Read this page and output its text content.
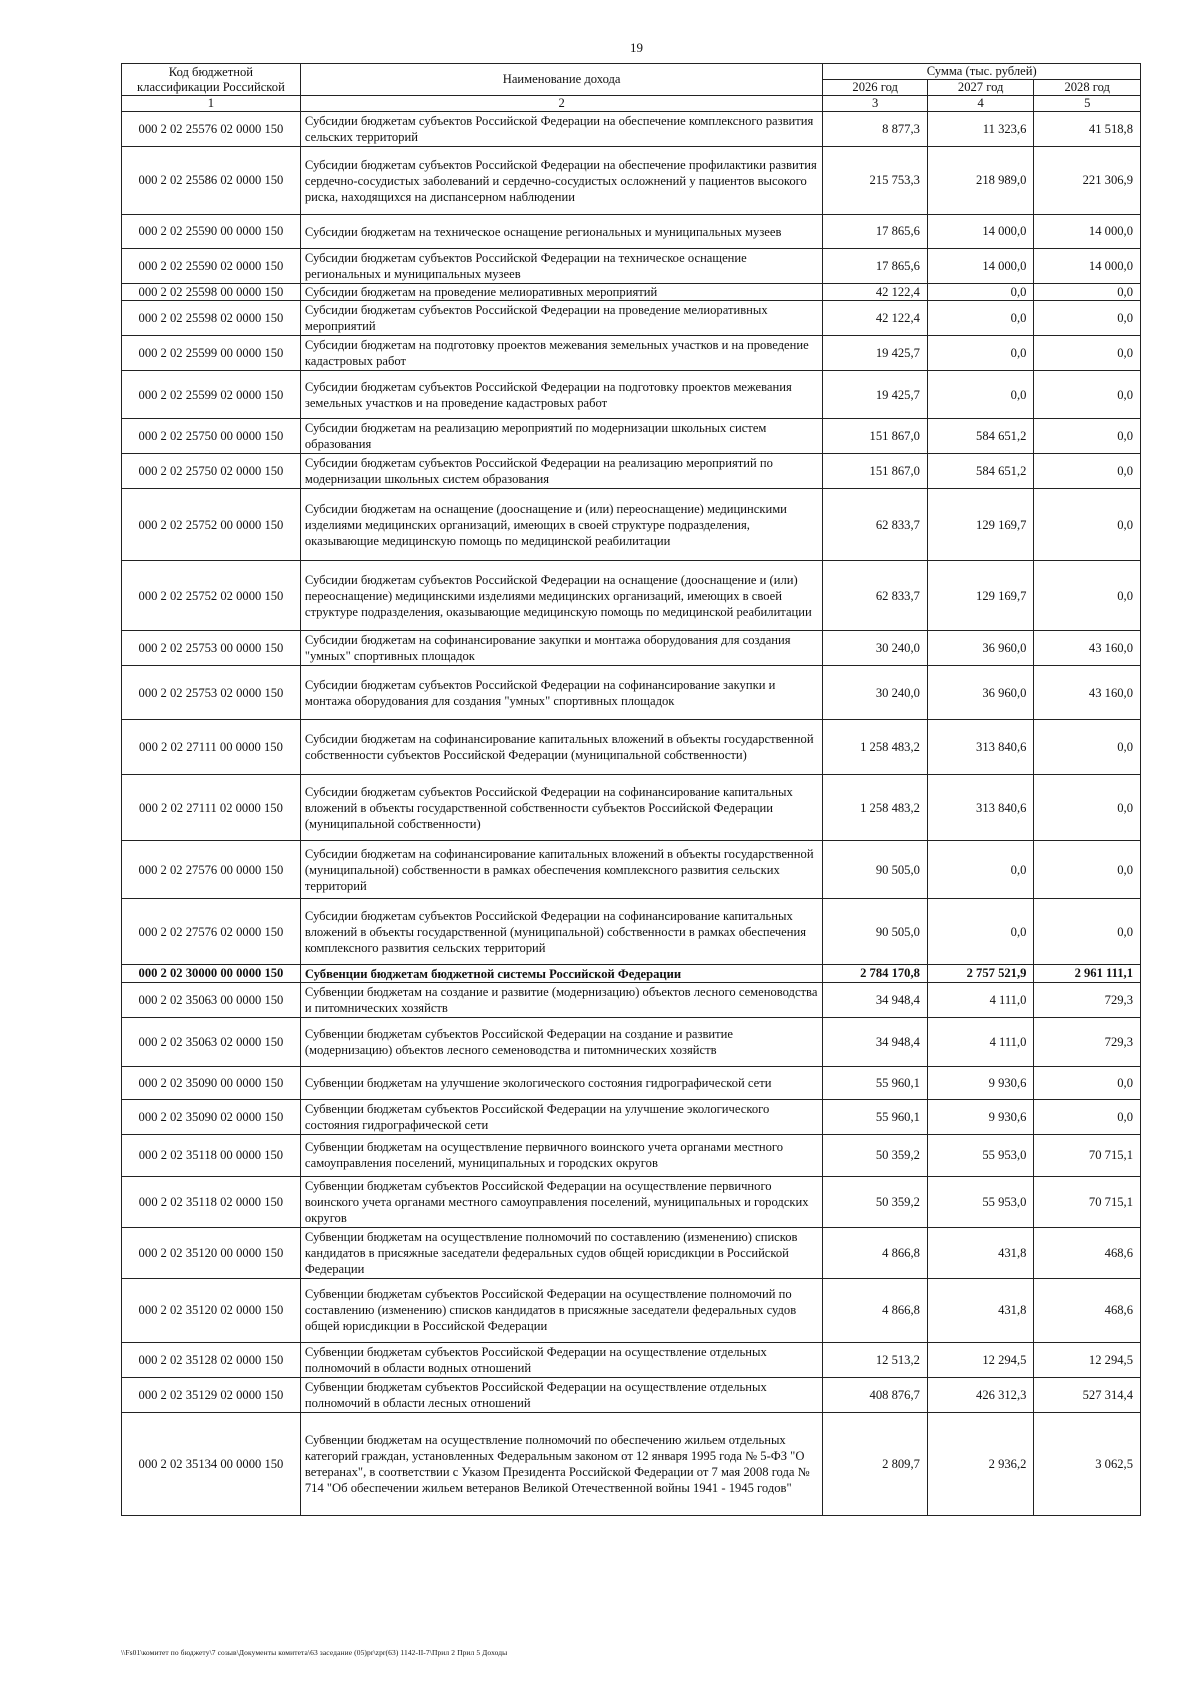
19
Код бюджетной классификации Российской	Наименование дохода	Сумма (тыс. рублей)		
		2026 год	2027 год	2028 год
1	2	3	4	5
000 2 02 25576 02 0000 150	Субсидии бюджетам субъектов Российской Федерации на обеспечение комплексного развития сельских территорий	8 877,3	11 323,6	41 518,8
000 2 02 25586 02 0000 150	Субсидии бюджетам субъектов Российской Федерации на обеспечение профилактики развития сердечно-сосудистых заболеваний и сердечно-сосудистых осложнений у пациентов высокого риска, находящихся на диспансерном наблюдении	215 753,3	218 989,0	221 306,9
000 2 02 25590 00 0000 150	Субсидии бюджетам на техническое оснащение региональных и муниципальных музеев	17 865,6	14 000,0	14 000,0
000 2 02 25590 02 0000 150	Субсидии бюджетам субъектов Российской Федерации на техническое оснащение региональных и муниципальных музеев	17 865,6	14 000,0	14 000,0
000 2 02 25598 00 0000 150	Субсидии бюджетам на проведение мелиоративных мероприятий	42 122,4	0,0	0,0
000 2 02 25598 02 0000 150	Субсидии бюджетам субъектов Российской Федерации на проведение мелиоративных мероприятий	42 122,4	0,0	0,0
000 2 02 25599 00 0000 150	Субсидии бюджетам на подготовку проектов межевания земельных участков и на проведение кадастровых работ	19 425,7	0,0	0,0
000 2 02 25599 02 0000 150	Субсидии бюджетам субъектов Российской Федерации на подготовку проектов межевания земельных участков и на проведение кадастровых работ	19 425,7	0,0	0,0
000 2 02 25750 00 0000 150	Субсидии бюджетам на реализацию мероприятий по модернизации школьных систем образования	151 867,0	584 651,2	0,0
000 2 02 25750 02 0000 150	Субсидии бюджетам субъектов Российской Федерации на реализацию мероприятий по модернизации школьных систем образования	151 867,0	584 651,2	0,0
000 2 02 25752 00 0000 150	Субсидии бюджетам на оснащение (дооснащение и (или) переоснащение) медицинскими изделиями медицинских организаций, имеющих в своей структуре подразделения, оказывающие медицинскую помощь по медицинской реабилитации	62 833,7	129 169,7	0,0
000 2 02 25752 02 0000 150	Субсидии бюджетам субъектов Российской Федерации на оснащение (дооснащение и (или) переоснащение) медицинскими изделиями медицинских организаций, имеющих в своей структуре подразделения, оказывающие медицинскую помощь по медицинской реабилитации	62 833,7	129 169,7	0,0
000 2 02 25753 00 0000 150	Субсидии бюджетам на софинансирование закупки и монтажа оборудования для создания "умных" спортивных площадок	30 240,0	36 960,0	43 160,0
000 2 02 25753 02 0000 150	Субсидии бюджетам субъектов Российской Федерации на софинансирование закупки и монтажа оборудования для создания "умных" спортивных площадок	30 240,0	36 960,0	43 160,0
000 2 02 27111 00 0000 150	Субсидии бюджетам на софинансирование капитальных вложений в объекты государственной собственности субъектов Российской Федерации (муниципальной собственности)	1 258 483,2	313 840,6	0,0
000 2 02 27111 02 0000 150	Субсидии бюджетам субъектов Российской Федерации на софинансирование капитальных вложений в объекты государственной собственности субъектов Российской Федерации (муниципальной собственности)	1 258 483,2	313 840,6	0,0
000 2 02 27576 00 0000 150	Субсидии бюджетам на софинансирование капитальных вложений в объекты государственной (муниципальной) собственности в рамках обеспечения комплексного развития сельских территорий	90 505,0	0,0	0,0
000 2 02 27576 02 0000 150	Субсидии бюджетам субъектов Российской Федерации на софинансирование капитальных вложений в объекты государственной (муниципальной) собственности в рамках обеспечения комплексного развития сельских территорий	90 505,0	0,0	0,0
000 2 02 30000 00 0000 150	Субвенции бюджетам бюджетной системы Российской Федерации	2 784 170,8	2 757 521,9	2 961 111,1
000 2 02 35063 00 0000 150	Субвенции бюджетам на создание и развитие (модернизацию) объектов лесного семеноводства и питомнических хозяйств	34 948,4	4 111,0	729,3
000 2 02 35063 02 0000 150	Субвенции бюджетам субъектов Российской Федерации на создание и развитие (модернизацию) объектов лесного семеноводства и питомнических хозяйств	34 948,4	4 111,0	729,3
000 2 02 35090 00 0000 150	Субвенции бюджетам на улучшение экологического состояния гидрографической сети	55 960,1	9 930,6	0,0
000 2 02 35090 02 0000 150	Субвенции бюджетам субъектов Российской Федерации на улучшение экологического состояния гидрографической сети	55 960,1	9 930,6	0,0
000 2 02 35118 00 0000 150	Субвенции бюджетам на осуществление первичного воинского учета органами местного самоуправления поселений, муниципальных и городских округов	50 359,2	55 953,0	70 715,1
000 2 02 35118 02 0000 150	Субвенции бюджетам субъектов Российской Федерации на осуществление первичного воинского учета органами местного самоуправления поселений, муниципальных и городских округов	50 359,2	55 953,0	70 715,1
000 2 02 35120 00 0000 150	Субвенции бюджетам на осуществление полномочий по составлению (изменению) списков кандидатов в присяжные заседатели федеральных судов общей юрисдикции в Российской Федерации	4 866,8	431,8	468,6
000 2 02 35120 02 0000 150	Субвенции бюджетам субъектов Российской Федерации на осуществление полномочий по составлению (изменению) списков кандидатов в присяжные заседатели федеральных судов общей юрисдикции в Российской Федерации	4 866,8	431,8	468,6
000 2 02 35128 02 0000 150	Субвенции бюджетам субъектов Российской Федерации на осуществление отдельных полномочий в области водных отношений	12 513,2	12 294,5	12 294,5
000 2 02 35129 02 0000 150	Субвенции бюджетам субъектов Российской Федерации на осуществление отдельных полномочий в области лесных отношений	408 876,7	426 312,3	527 314,4
000 2 02 35134 00 0000 150	Субвенции бюджетам на осуществление полномочий по обеспечению жильем отдельных категорий граждан, установленных Федеральным законом от 12 января 1995 года № 5-ФЗ "О ветеранах", в соответствии с Указом Президента Российской Федерации от 7 мая 2008 года № 714 "Об обеспечении жильем ветеранов Великой Отечественной войны 1941 - 1945 годов"	2 809,7	2 936,2	3 062,5
\\Fs01\комитет по бюджету\7 созыв\Документы комитета\63 заседание (05)pr\zpr(63) 1142-II-7\Прил 2 Прил 5 Доходы
